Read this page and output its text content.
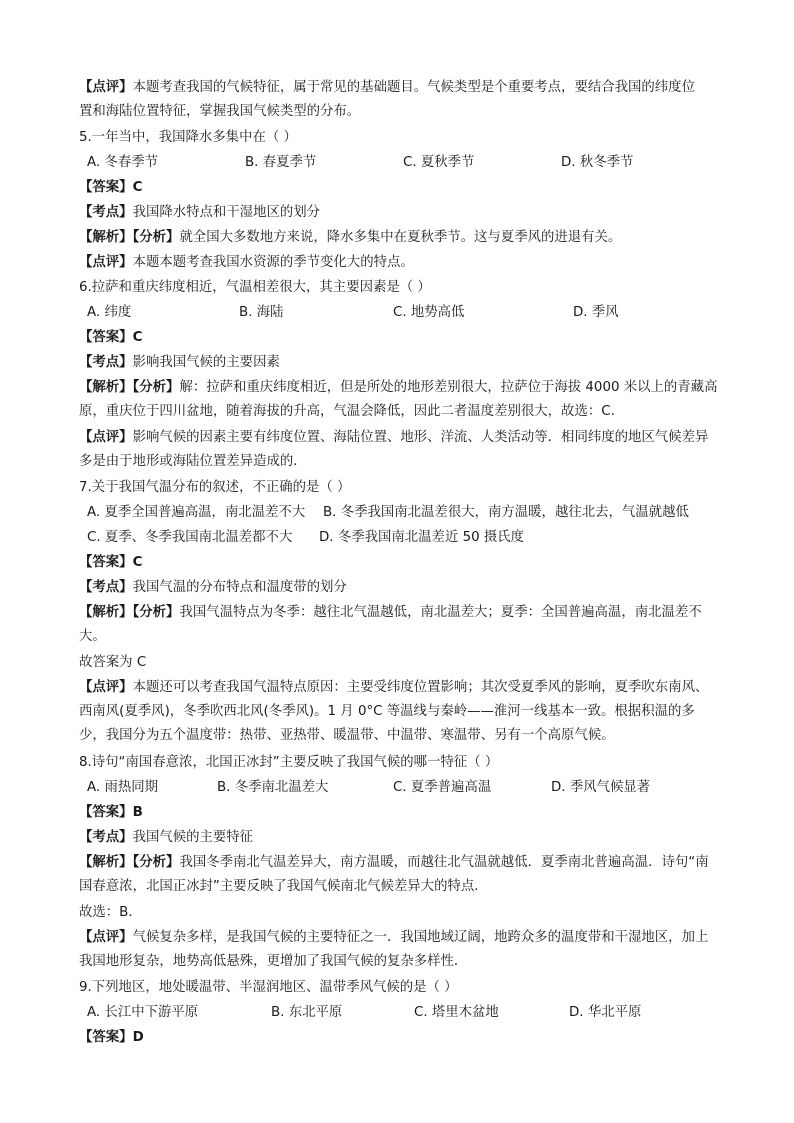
【点评】本题考查我国的气候特征，属于常见的基础题目。气候类型是个重要考点，要结合我国的纬度位
置和海陆位置特征，掌握我国气候类型的分布。
5.一年当中，我国降水多集中在（ ）
A. 冬春季节	B. 春夏季节	C. 夏秋季节	D. 秋冬季节
【答案】C
【考点】我国降水特点和干湿地区的划分
【解析】【分析】就全国大多数地方来说，降水多集中在夏秋季节。这与夏季风的进退有关。
【点评】本题本题考查我国水资源的季节变化大的特点。
6.拉萨和重庆纬度相近，气温相差很大，其主要因素是（ ）
A. 纬度	B. 海陆	C. 地势高低	D. 季风
【答案】C
【考点】影响我国气候的主要因素
【解析】【分析】解：拉萨和重庆纬度相近，但是所处的地形差别很大，拉萨位于海拔 4000 米以上的青藏高原，重庆位于四川盆地，随着海拔的升高，气温会降低，因此二者温度差别很大，故选：C.
【点评】影响气候的因素主要有纬度位置、海陆位置、地形、洋流、人类活动等．相同纬度的地区气候差异多是由于地形或海陆位置差异造成的．
7.关于我国气温分布的叙述，不正确的是（ ）
A. 夏季全国普遍高温，南北温差不大 B. 冬季我国南北温差很大，南方温暖，越往北去，气温就越低
C. 夏季、冬季我国南北温差都不大 D. 冬季我国南北温差近 50 摄氏度
【答案】C
【考点】我国气温的分布特点和温度带的划分
【解析】【分析】我国气温特点为冬季：越往北气温越低，南北温差大；夏季：全国普遍高温，南北温差不大。
故答案为 C
【点评】本题还可以考查我国气温特点原因：主要受纬度位置影响；其次受夏季风的影响，夏季吹东南风、西南风(夏季风)，冬季吹西北风(冬季风)。1 月 0°C 等温线与秦岭——淮河一线基本一致。根据积温的多少，我国分为五个温度带：热带、亚热带、暖温带、中温带、寒温带、另有一个高原气候。
8.诗句“南国春意浓，北国正冰封”主要反映了我国气候的哪一特征（ ）
A. 雨热同期	B. 冬季南北温差大	C. 夏季普遍高温	D. 季风气候显著
【答案】B
【考点】我国气候的主要特征
【解析】【分析】我国冬季南北气温差异大，南方温暖，而越往北气温就越低．夏季南北普遍高温．诗句“南国春意浓，北国正冰封”主要反映了我国气候南北气候差异大的特点．
故选：B．
【点评】气候复杂多样，是我国气候的主要特征之一．我国地域辽阔，地跨众多的温度带和干湿地区，加上我国地形复杂，地势高低悬殊，更增加了我国气候的复杂多样性．
9.下列地区，地处暖温带、半湿润地区、温带季风气候的是（ ）
A. 长江中下游平原	B. 东北平原	C. 塔里木盆地	D. 华北平原
【答案】D
